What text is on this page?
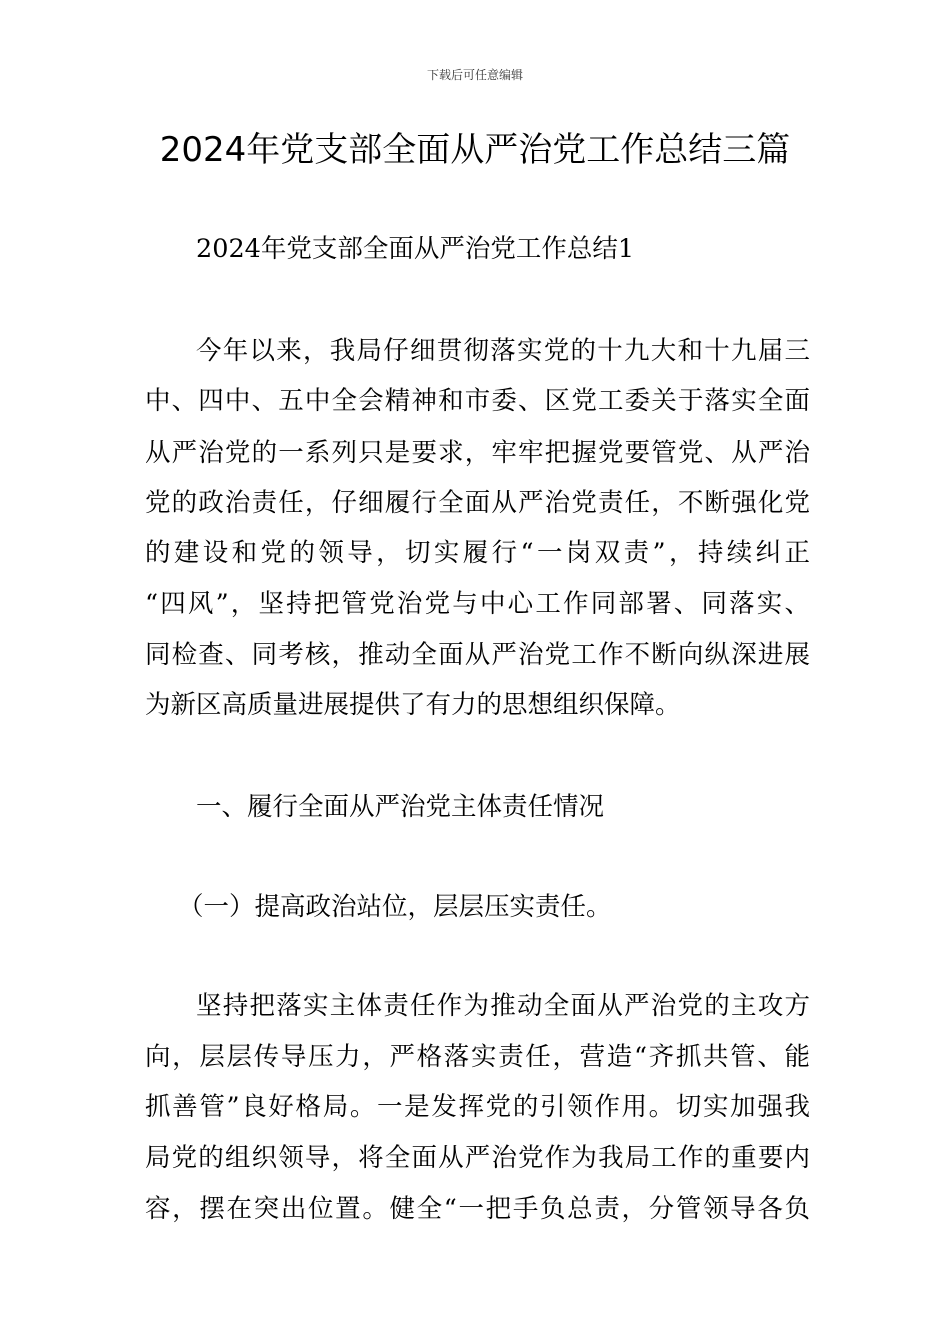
下载后可任意编辑
2024年党支部全面从严治党工作总结三篇
2024年党支部全面从严治党工作总结1
今年以来，我局仔细贯彻落实党的十九大和十九届三
中、四中、五中全会精神和市委、区党工委关于落实全面
从严治党的一系列只是要求，牢牢把握党要管党、从严治
党的政治责任，仔细履行全面从严治党责任，不断强化党
的建设和党的领导，切实履行“一岗双责”，持续纠正
“四风”，坚持把管党治党与中心工作同部署、同落实、
同检查、同考核，推动全面从严治党工作不断向纵深进展
为新区高质量进展提供了有力的思想组织保障。
一、履行全面从严治党主体责任情况
（一）提高政治站位，层层压实责任。
坚持把落实主体责任作为推动全面从严治党的主攻方
向，层层传导压力，严格落实责任，营造“齐抓共管、能
抓善管”良好格局。一是发挥党的引领作用。切实加强我
局党的组织领导，将全面从严治党作为我局工作的重要内
容，摆在突出位置。健全“一把手负总责，分管领导各负
